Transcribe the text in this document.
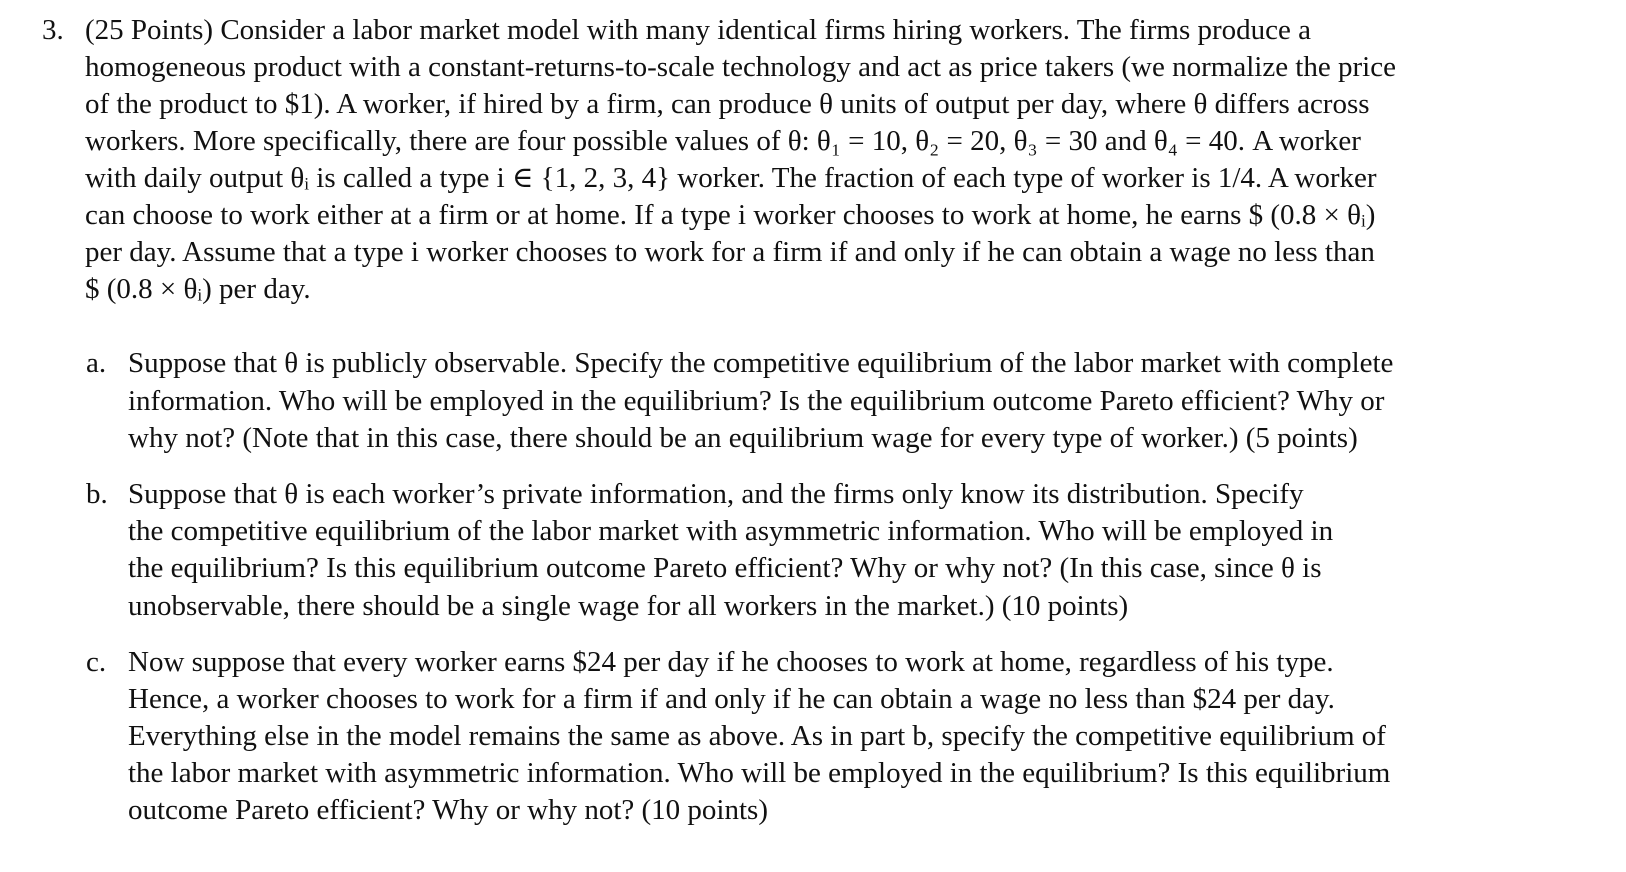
3. (25 Points) Consider a labor market model with many identical firms hiring workers. The firms produce a
homogeneous product with a constant-returns-to-scale technology and act as price takers (we normalize the price
of the product to $1). A worker, if hired by a firm, can produce θ units of output per day, where θ differs across
workers. More specifically, there are four possible values of θ: θ₁ = 10, θ₂ = 20, θ₃ = 30 and θ₄ = 40. A worker
with daily output θᵢ is called a type i ∈ {1, 2, 3, 4} worker. The fraction of each type of worker is 1/4. A worker
can choose to work either at a firm or at home. If a type i worker chooses to work at home, he earns $ (0.8 × θᵢ)
per day. Assume that a type i worker chooses to work for a firm if and only if he can obtain a wage no less than
$ (0.8 × θᵢ) per day.
a. Suppose that θ is publicly observable. Specify the competitive equilibrium of the labor market with complete
information. Who will be employed in the equilibrium? Is the equilibrium outcome Pareto efficient? Why or
why not? (Note that in this case, there should be an equilibrium wage for every type of worker.) (5 points)
b. Suppose that θ is each worker’s private information, and the firms only know its distribution. Specify
the competitive equilibrium of the labor market with asymmetric information. Who will be employed in
the equilibrium? Is this equilibrium outcome Pareto efficient? Why or why not? (In this case, since θ is
unobservable, there should be a single wage for all workers in the market.) (10 points)
c. Now suppose that every worker earns $24 per day if he chooses to work at home, regardless of his type.
Hence, a worker chooses to work for a firm if and only if he can obtain a wage no less than $24 per day.
Everything else in the model remains the same as above. As in part b, specify the competitive equilibrium of
the labor market with asymmetric information. Who will be employed in the equilibrium? Is this equilibrium
outcome Pareto efficient? Why or why not? (10 points)
